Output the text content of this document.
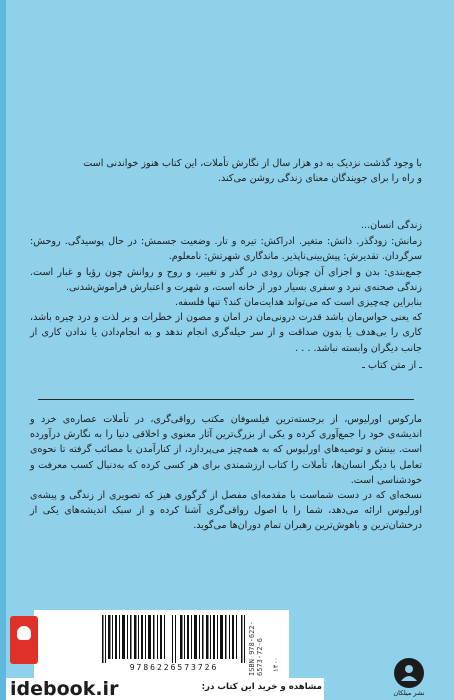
با وجود گذشت نزدیک به دو هزار سال از نگارش تأملات، این کتاب هنوز خواندنی است

و راه را برای جویندگان معنای زندگی روشن می‌کند.

زندگی انسان...

زمانش: زودگذر. ذاتش: متغیر. ادراکش: تیره و تار. وضعیت جسمش: در حال پوسیدگی. روحش: سرگردان. تقدیرش: پیش‌بینی‌ناپذیر. ماندگاری شهرتش: نامعلوم.

جمع‌بندی: بدن و اجزای آن چونان رودی در گذر و تغییر، و روح و روانش چون رؤیا و غبار است. زندگی صحنه‌ی نبرد و سفری بسیار دور از خانه است، و شهرت و اعتبارش فراموش‌شدنی.

بنابراین چه‌چیزی است که می‌تواند هدایت‌مان کند؟ تنها فلسفه.

که یعنی حواس‌مان باشد قدرت درونی‌مان در امان و مصون از خطرات و بر لذت و درد چیره باشد، کاری را بی‌هدف یا بدون صداقت و از سر حیله‌گری انجام ندهد و به انجام‌دادن یا ندادن کاری از جانب دیگران وابسته نباشد. . . .

ـ از متن کتاب ـ

مارکوس اورلیوس، از برجسته‌ترین فیلسوفان مکتب رواقی‌گری، در تأملات عصاره‌ی خرد و اندیشه‌ی خود را جمع‌آوری کرده و یکی از بزرگ‌ترین آثار معنوی و اخلاقی دنیا را به نگارش درآورده است. بینش و توصیه‌های اورلیوس که به همه‌چیز می‌پردازد، از کنارآمدن با مصائب گرفته تا نحوه‌ی تعامل با دیگر انسان‌ها، تأملات را کتاب ارزشمندی برای هر کسی کرده که به‌دنبال کسب معرفت و خودشناسی است.

نسخه‌ای که در دست شماست با مقدمه‌ای مفصل از گرگوری هیز که تصویری از زندگی و پیشه‌ی اورلیوس ارائه می‌دهد، شما را با اصول رواقی‌گری آشنا کرده و از سبک اندیشه‌های یکی از درخشان‌ترین و باهوش‌ترین رهبران تمام دوران‌ها می‌گوید.

9786226573726	ISBN 978-622-6573-72-6 ۱۴۰۰
idebook.ir	مشاهده و خرید این کتاب در:
نشر میلکان
